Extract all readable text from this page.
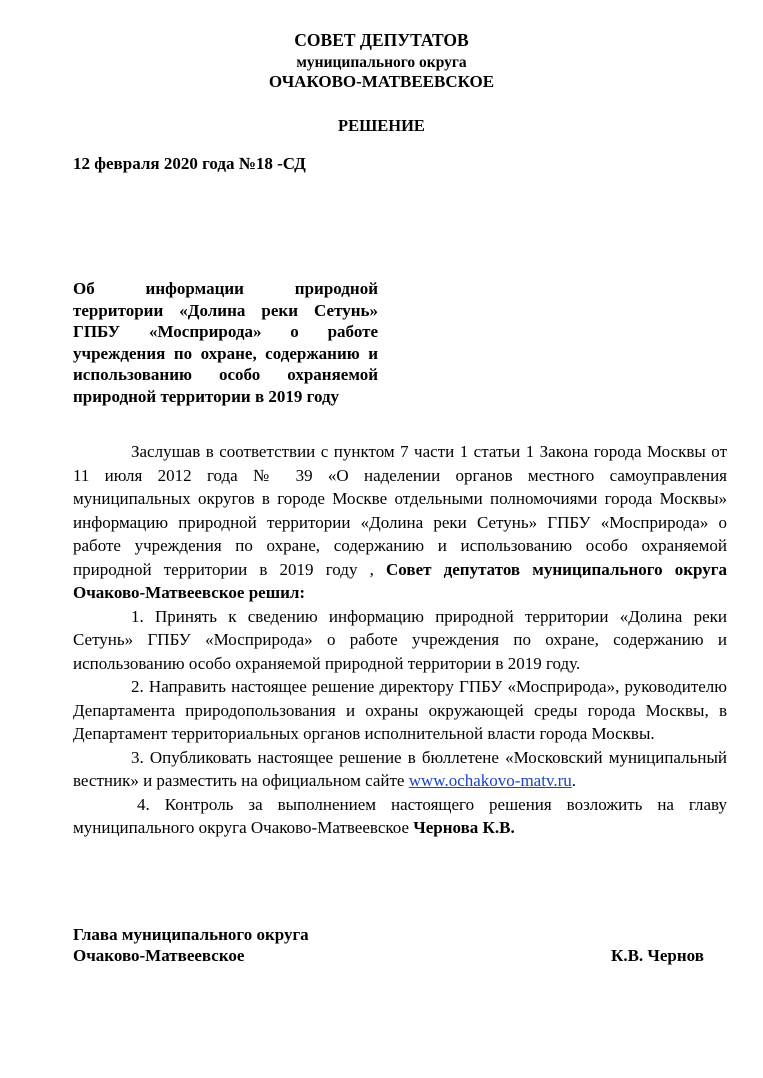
СОВЕТ ДЕПУТАТОВ
муниципального округа
ОЧАКОВО-МАТВЕЕВСКОЕ
РЕШЕНИЕ
12 февраля 2020 года №18 -СД
Об информации природной территории «Долина реки Сетунь» ГПБУ «Мосприрода» о работе учреждения по охране, содержанию и использованию особо охраняемой природной территории в 2019 году

Заслушав в соответствии с пунктом 7 части 1 статьи 1 Закона города Москвы от 11 июля 2012 года № 39 «О наделении органов местного самоуправления муниципальных округов в городе Москве отдельными полномочиями города Москвы» информацию природной территории «Долина реки Сетунь» ГПБУ «Мосприрода» о работе учреждения по охране, содержанию и использованию особо охраняемой природной территории в 2019 году , Совет депутатов муниципального округа Очаково-Матвеевское решил:

1. Принять к сведению информацию природной территории «Долина реки Сетунь» ГПБУ «Мосприрода» о работе учреждения по охране, содержанию и использованию особо охраняемой природной территории в 2019 году.

2. Направить настоящее решение директору ГПБУ «Мосприрода», руководителю Департамента природопользования и охраны окружающей среды города Москвы, в Департамент территориальных органов исполнительной власти города Москвы.

3. Опубликовать настоящее решение в бюллетене «Московский муниципальный вестник» и разместить на официальном сайте www.ochakovo-matv.ru.

4. Контроль за выполнением настоящего решения возложить на главу муниципального округа Очаково-Матвеевское Чернова К.В.

Глава муниципального округа
Очаково-Матвеевское	К.В. Чернов
